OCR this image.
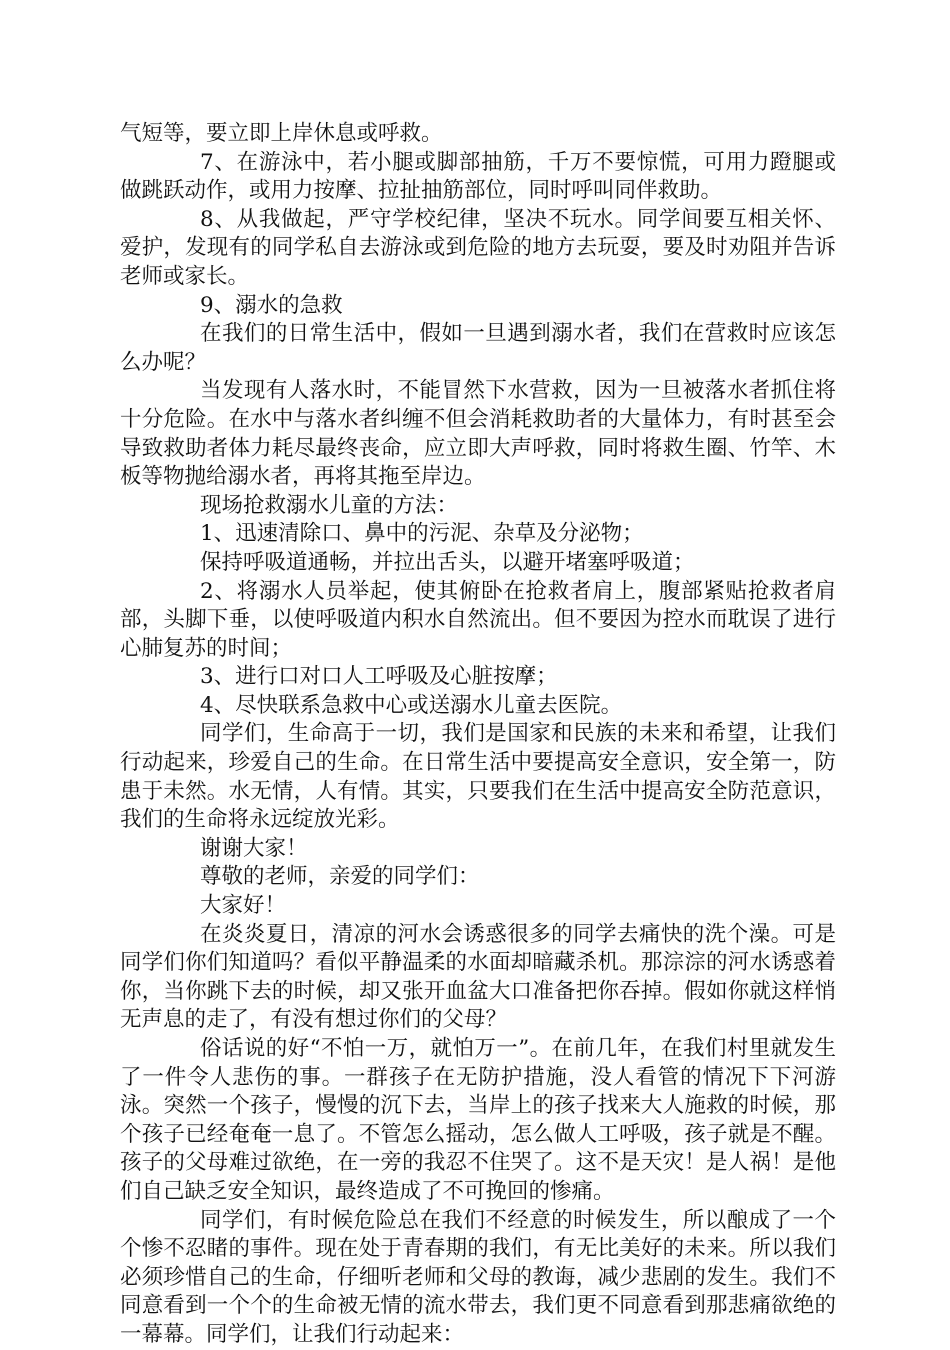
气短等，要立即上岸休息或呼救。

7、在游泳中，若小腿或脚部抽筋，千万不要惊慌，可用力蹬腿或做跳跃动作，或用力按摩、拉扯抽筋部位，同时呼叫同伴救助。

8、从我做起，严守学校纪律，坚决不玩水。同学间要互相关怀、爱护，发现有的同学私自去游泳或到危险的地方去玩耍，要及时劝阻并告诉老师或家长。

9、溺水的急救

在我们的日常生活中，假如一旦遇到溺水者，我们在营救时应该怎么办呢？

当发现有人落水时，不能冒然下水营救，因为一旦被落水者抓住将十分危险。在水中与落水者纠缠不但会消耗救助者的大量体力，有时甚至会导致救助者体力耗尽最终丧命，应立即大声呼救，同时将救生圈、竹竿、木板等物抛给溺水者，再将其拖至岸边。

现场抢救溺水儿童的方法：

1、迅速清除口、鼻中的污泥、杂草及分泌物；

保持呼吸道通畅，并拉出舌头，以避开堵塞呼吸道；

2、将溺水人员举起，使其俯卧在抢救者肩上，腹部紧贴抢救者肩部，头脚下垂，以使呼吸道内积水自然流出。但不要因为控水而耽误了进行心肺复苏的时间；

3、进行口对口人工呼吸及心脏按摩；

4、尽快联系急救中心或送溺水儿童去医院。

同学们，生命高于一切，我们是国家和民族的未来和希望，让我们行动起来，珍爱自己的生命。在日常生活中要提高安全意识，安全第一，防患于未然。水无情，人有情。其实，只要我们在生活中提高安全防范意识，我们的生命将永远绽放光彩。

谢谢大家！

尊敬的老师，亲爱的同学们：

大家好！

在炎炎夏日，清凉的河水会诱惑很多的同学去痛快的洗个澡。可是同学们你们知道吗？看似平静温柔的水面却暗藏杀机。那淙淙的河水诱惑着你，当你跳下去的时候，却又张开血盆大口准备把你吞掉。假如你就这样悄无声息的走了，有没有想过你们的父母？

俗话说的好“不怕一万，就怕万一”。在前几年，在我们村里就发生了一件令人悲伤的事。一群孩子在无防护措施，没人看管的情况下下河游泳。突然一个孩子，慢慢的沉下去，当岸上的孩子找来大人施救的时候，那个孩子已经奄奄一息了。不管怎么摇动，怎么做人工呼吸，孩子就是不醒。孩子的父母难过欲绝，在一旁的我忍不住哭了。这不是天灾！是人祸！是他们自己缺乏安全知识，最终造成了不可挽回的惨痛。

同学们，有时候危险总在我们不经意的时候发生，所以酿成了一个个惨不忍睹的事件。现在处于青春期的我们，有无比美好的未来。所以我们必须珍惜自己的生命，仔细听老师和父母的教诲，减少悲剧的发生。我们不同意看到一个个的生命被无情的流水带去，我们更不同意看到那悲痛欲绝的一幕幕。同学们，让我们行动起来：
